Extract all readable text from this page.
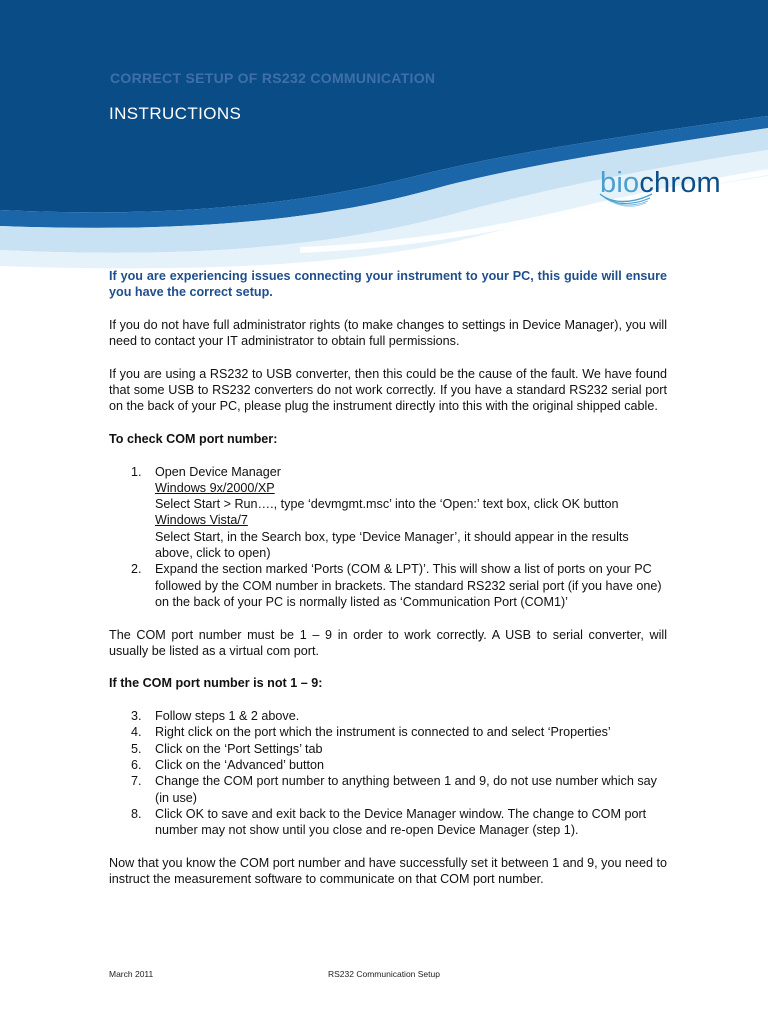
CORRECT SETUP OF RS232 COMMUNICATION
INSTRUCTIONS
biochrom

If you are experiencing issues connecting your instrument to your PC, this guide will ensure you have the correct setup.

If you do not have full administrator rights (to make changes to settings in Device Manager), you will need to contact your IT administrator to obtain full permissions.

If you are using a RS232 to USB converter, then this could be the cause of the fault. We have found that some USB to RS232 converters do not work correctly. If you have a standard RS232 serial port on the back of your PC, please plug the instrument directly into this with the original shipped cable.

To check COM port number:

1. Open Device Manager
Windows 9x/2000/XP
Select Start > Run…., type ‘devmgmt.msc’ into the ‘Open:’ text box, click OK button
Windows Vista/7
Select Start, in the Search box, type ‘Device Manager’, it should appear in the results above, click to open)
2. Expand the section marked ‘Ports (COM & LPT)’. This will show a list of ports on your PC followed by the COM number in brackets. The standard RS232 serial port (if you have one) on the back of your PC is normally listed as ‘Communication Port (COM1)’

The COM port number must be 1 – 9 in order to work correctly. A USB to serial converter, will usually be listed as a virtual com port.

If the COM port number is not 1 – 9:

3. Follow steps 1 & 2 above.
4. Right click on the port which the instrument is connected to and select ‘Properties’
5. Click on the ‘Port Settings’ tab
6. Click on the ‘Advanced’ button
7. Change the COM port number to anything between 1 and 9, do not use number which say (in use)
8. Click OK to save and exit back to the Device Manager window. The change to COM port number may not show until you close and re-open Device Manager (step 1).

Now that you know the COM port number and have successfully set it between 1 and 9, you need to instruct the measurement software to communicate on that COM port number.

March 2011	RS232 Communication Setup
